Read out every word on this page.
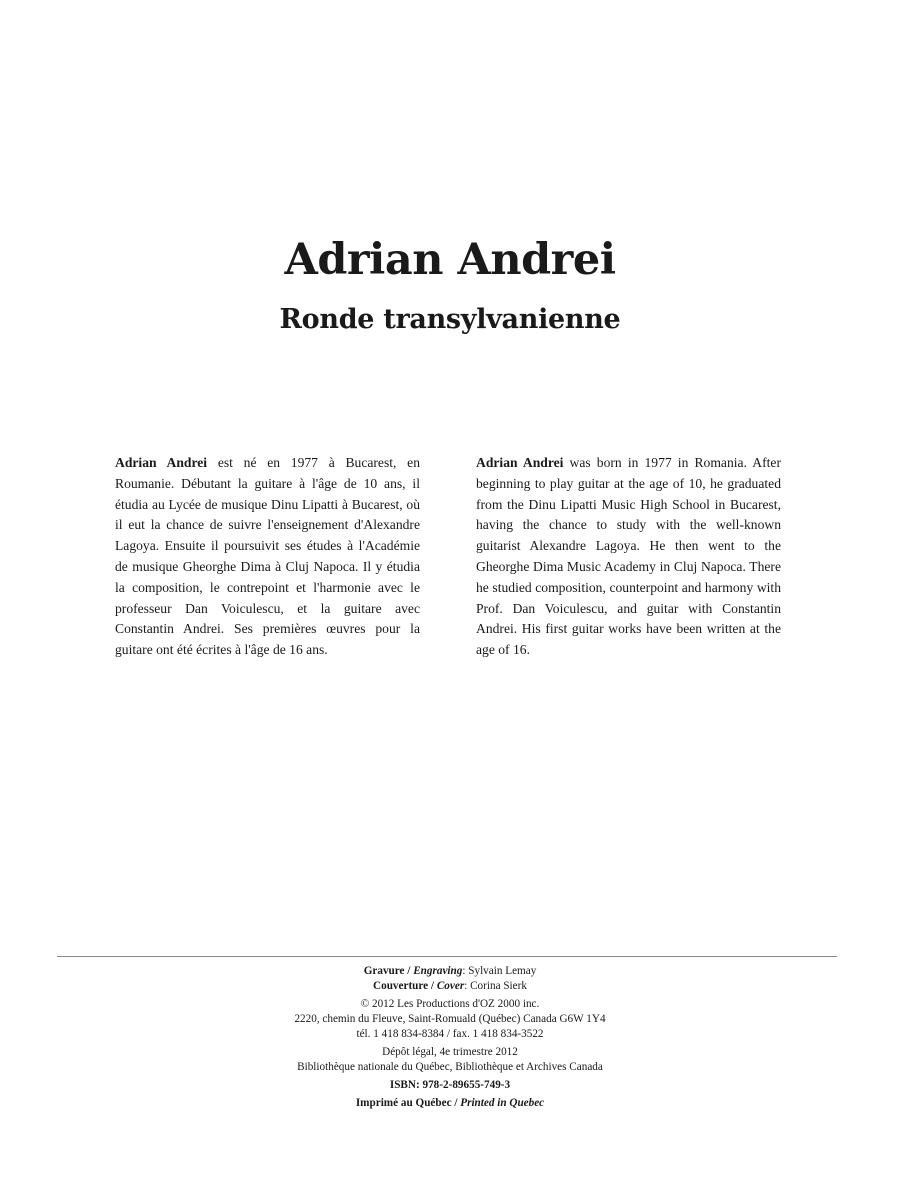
Adrian Andrei
Ronde transylvanienne

Adrian Andrei est né en 1977 à Bucarest, en Roumanie. Débutant la guitare à l'âge de 10 ans, il étudia au Lycée de musique Dinu Lipatti à Bucarest, où il eut la chance de suivre l'enseignement d'Alexandre Lagoya. Ensuite il poursuivit ses études à l'Académie de musique Gheorghe Dima à Cluj Napoca. Il y étudia la composition, le contrepoint et l'harmonie avec le professeur Dan Voiculescu, et la guitare avec Constantin Andrei. Ses premières œuvres pour la guitare ont été écrites à l'âge de 16 ans.

Adrian Andrei was born in 1977 in Romania. After beginning to play guitar at the age of 10, he graduated from the Dinu Lipatti Music High School in Bucarest, having the chance to study with the well-known guitarist Alexandre Lagoya. He then went to the Gheorghe Dima Music Academy in Cluj Napoca. There he studied composition, counterpoint and harmony with Prof. Dan Voiculescu, and guitar with Constantin Andrei. His first guitar works have been written at the age of 16.

Gravure / Engraving: Sylvain Lemay
Couverture / Cover: Corina Sierk
© 2012 Les Productions d'OZ 2000 inc.
2220, chemin du Fleuve, Saint-Romuald (Québec) Canada G6W 1Y4
tél. 1 418 834-8384 / fax. 1 418 834-3522
Dépôt légal, 4e trimestre 2012
Bibliothèque nationale du Québec, Bibliothèque et Archives Canada
ISBN: 978-2-89655-749-3
Imprimé au Québec / Printed in Quebec
